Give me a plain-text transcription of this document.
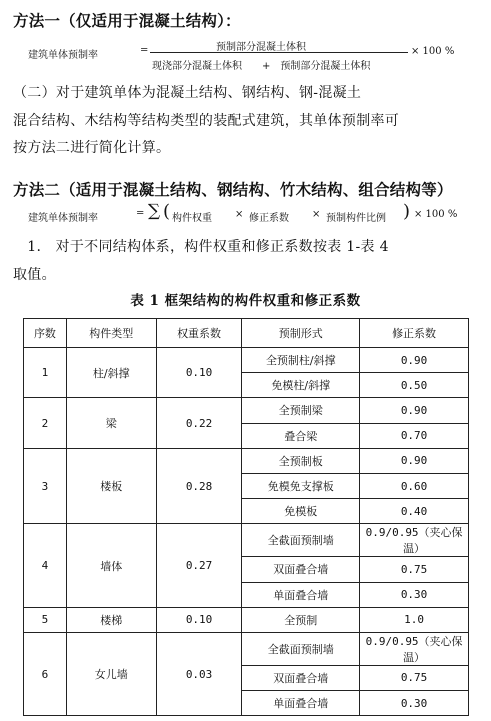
方法一（仅适用于混凝土结构）：
建筑单体预制率	=	预制部分混凝土体积
现浇部分混凝土体积　　+　预制部分混凝土体积
× 100 %
（二）对于建筑单体为混凝土结构、钢结构、钢-混凝土
混合结构、木结构等结构类型的装配式建筑，其单体预制率可
按方法二进行简化计算。
方法二（适用于混凝土结构、钢结构、竹木结构、组合结构等）
建筑单体预制率	= ∑ ( 构件权重 × 修正系数 × 预制构件比例 ) × 100 %
　1.　对于不同结构体系，构件权重和修正系数按表 1-表 4
取值。
表 1 框架结构的构件权重和修正系数
序数	构件类型	权重系数	预制形式	修正系数
1	柱/斜撑	0.10	全预制柱/斜撑	0.90
			免模柱/斜撑	0.50
2	梁	0.22	全预制梁	0.90
			叠合梁	0.70
3	楼板	0.28	全预制板	0.90
			免模免支撑板	0.60
			免模板	0.40
4	墙体	0.27	全截面预制墙	0.9/0.95（夹心保温）
			双面叠合墙	0.75
			单面叠合墙	0.30
5	楼梯	0.10	全预制	1.0
6	女儿墙	0.03	全截面预制墙	0.9/0.95（夹心保温）
			双面叠合墙	0.75
			单面叠合墙	0.30
